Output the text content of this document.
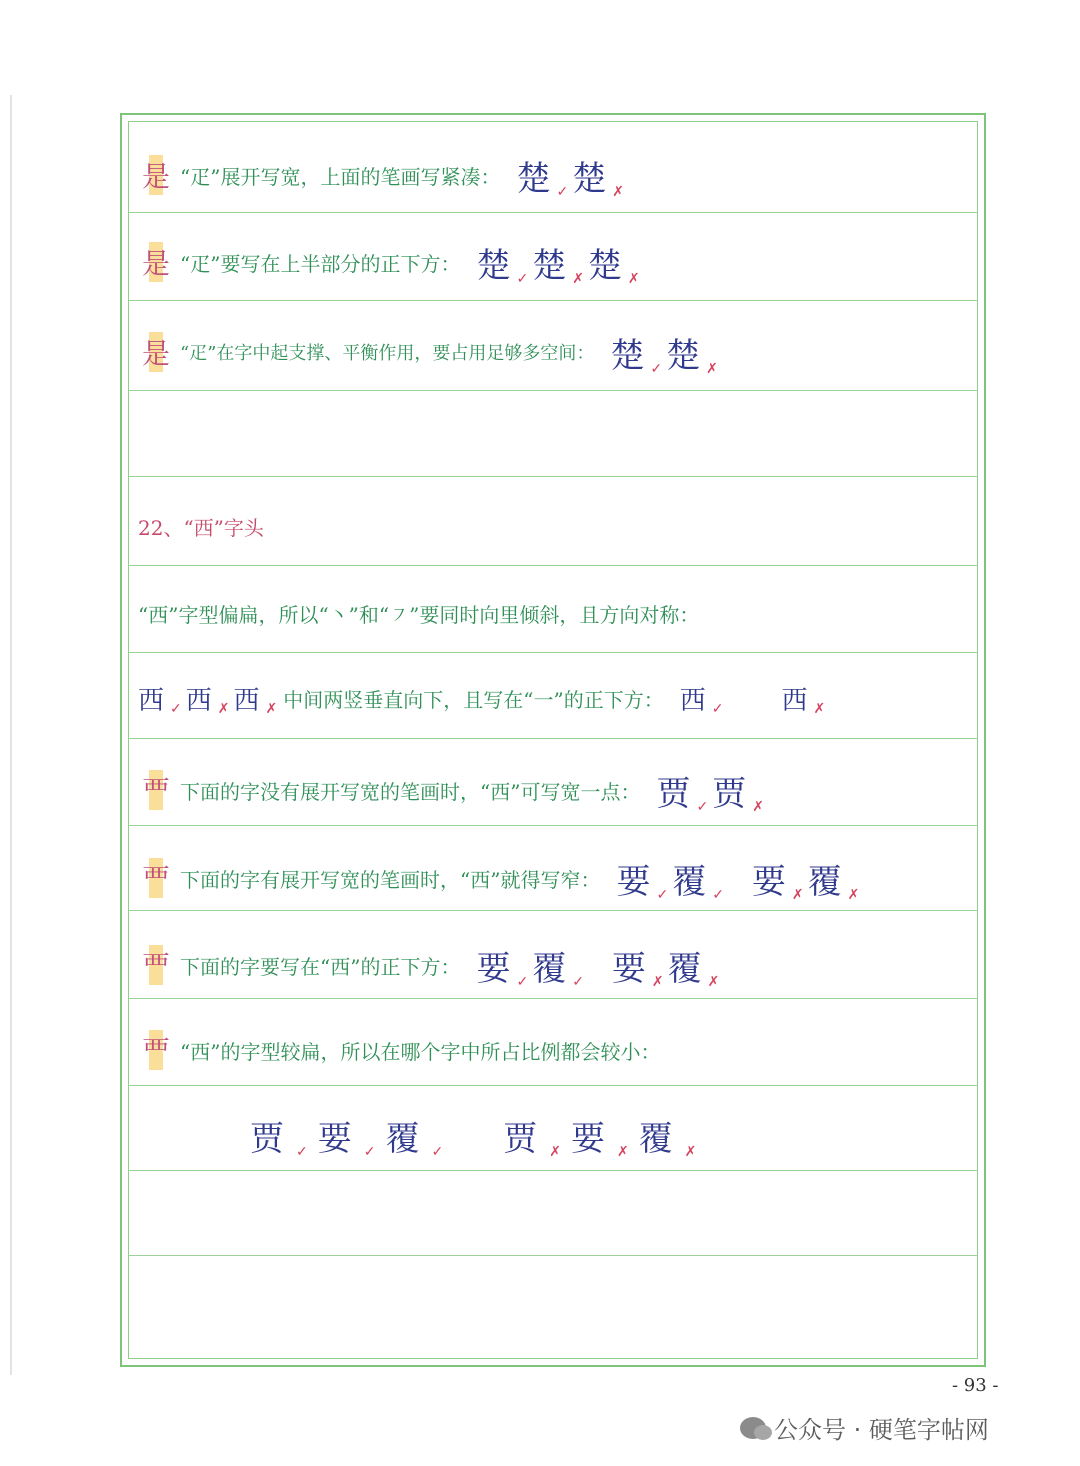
是 “疋”展开写宽，上面的笔画写紧凑： 楚 ✓ 楚 ✗
是 “疋”要写在上半部分的正下方： 楚 ✓ 楚 ✗ 楚 ✗
是 “疋”在字中起支撑、平衡作用，要占用足够多空间： 楚 ✓ 楚 ✗
22、“西”字头
“西”字型偏扁，所以“丶”和“㇇”要同时向里倾斜，且方向对称：
西 ✓ 西 ✗ 西 ✗ 中间两竖垂直向下，且写在“一”的正下方： 西 ✓ 西 ✗
覀 下面的字没有展开写宽的笔画时，“西”可写宽一点： 贾 ✓ 贾 ✗
覀 下面的字有展开写宽的笔画时，“西”就得写窄： 要 ✓ 覆 ✓ 要 ✗ 覆 ✗
覀 下面的字要写在“西”的正下方： 要 ✓ 覆 ✓ 要 ✗ 覆 ✗
覀 “西”的字型较扁，所以在哪个字中所占比例都会较小：
贾 ✓ 要 ✓ 覆 ✓ 贾 ✗ 要 ✗ 覆 ✗
- 93 -
公众号 · 硬笔字帖网
